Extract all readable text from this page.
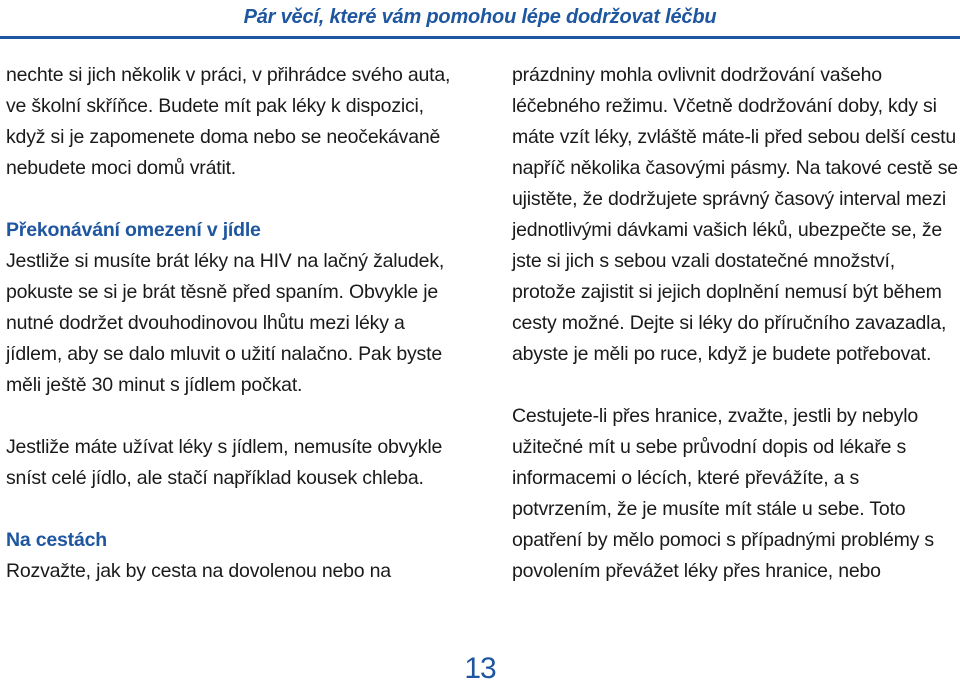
Pár věcí, které vám pomohou lépe dodržovat léčbu

nechte si jich několik v práci, v přihrádce svého auta, ve školní skříňce. Budete mít pak léky k dispozici, když si je zapomenete doma nebo se neočekávaně nebudete moci domů vrátit.

Překonávání omezení v jídle

Jestliže si musíte brát léky na HIV na lačný žaludek, pokuste se si je brát těsně před spaním. Obvykle je nutné dodržet dvouhodinovou lhůtu mezi léky a jídlem, aby se dalo mluvit o užití nalačno. Pak byste měli ještě 30 minut s jídlem počkat.

Jestliže máte užívat léky s jídlem, nemusíte obvykle sníst celé jídlo, ale stačí například kousek chleba.

Na cestách

Rozvažte, jak by cesta na dovolenou nebo na

prázdniny mohla ovlivnit dodržování vašeho léčebného režimu. Včetně dodržování doby, kdy si máte vzít léky, zvláště máte-li před sebou delší cestu napříč několika časovými pásmy. Na takové cestě se ujistěte, že dodržujete správný časový interval mezi jednotlivými dávkami vašich léků, ubezpečte se, že jste si jich s sebou vzali dostatečné množství, protože zajistit si jejich doplnění nemusí být během cesty možné. Dejte si léky do příručního zavazadla, abyste je měli po ruce, když je budete potřebovat.

Cestujete-li přes hranice, zvažte, jestli by nebylo užitečné mít u sebe průvodní dopis od lékaře s informacemi o lécích, které převážíte, a s potvrzením, že je musíte mít stále u sebe. Toto opatření by mělo pomoci s případnými problémy s povolením převážet léky přes hranice, nebo

13
